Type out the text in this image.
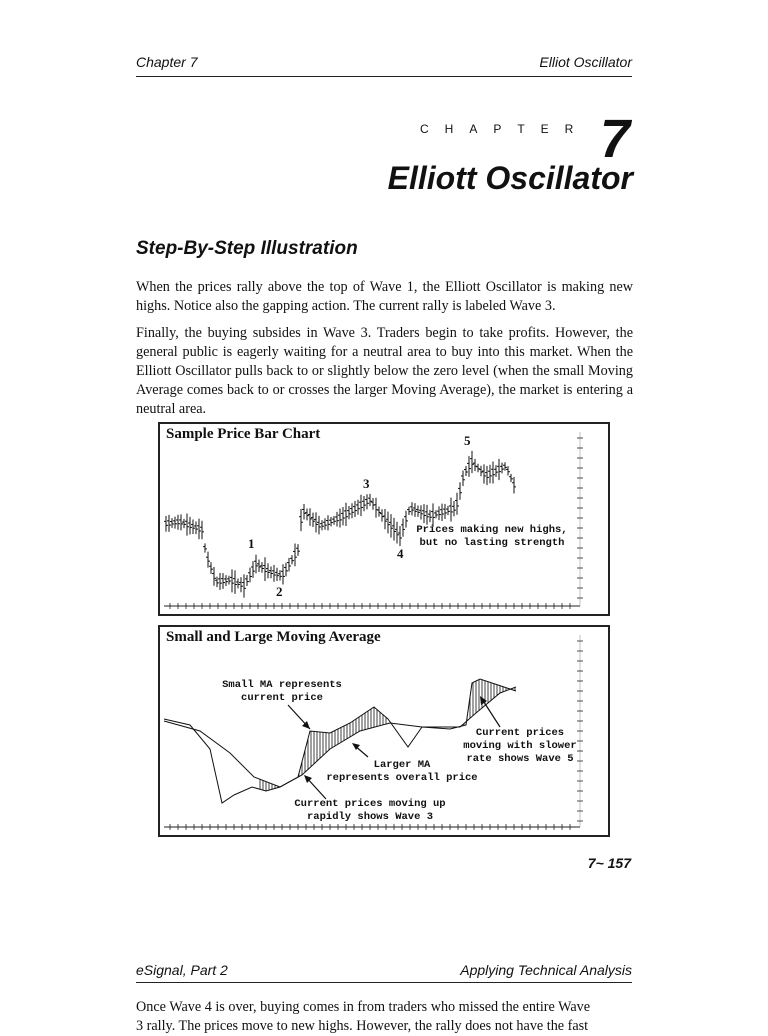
Chapter 7	Elliot Oscillator
CHAPTER 7
Elliott Oscillator
Step-By-Step Illustration

When the prices rally above the top of Wave 1, the Elliott Oscillator is making new highs. Notice also the gapping action. The current rally is labeled Wave 3.

Finally, the buying subsides in Wave 3. Traders begin to take profits. However, the general public is eagerly waiting for a neutral area to buy into this market. When the Elliott Oscillator pulls back to or slightly below the zero level (when the small Moving Average comes back to or crosses the larger Moving Average), the market is entering a neutral area.

Sample Price Bar Chart
1
2
3
4
5
Prices making new highs,
but no lasting strength
Small and Large Moving Average
Small MA represents
current price
Larger MA
represents overall price
Current prices moving up
rapidly shows Wave 3
Current prices
moving with slower
rate shows Wave 5
7~ 157
eSignal, Part 2	Applying Technical Analysis

Once Wave 4 is over, buying comes in from traders who missed the entire Wave
3 rally. The prices move to new highs. However, the rally does not have the fast
